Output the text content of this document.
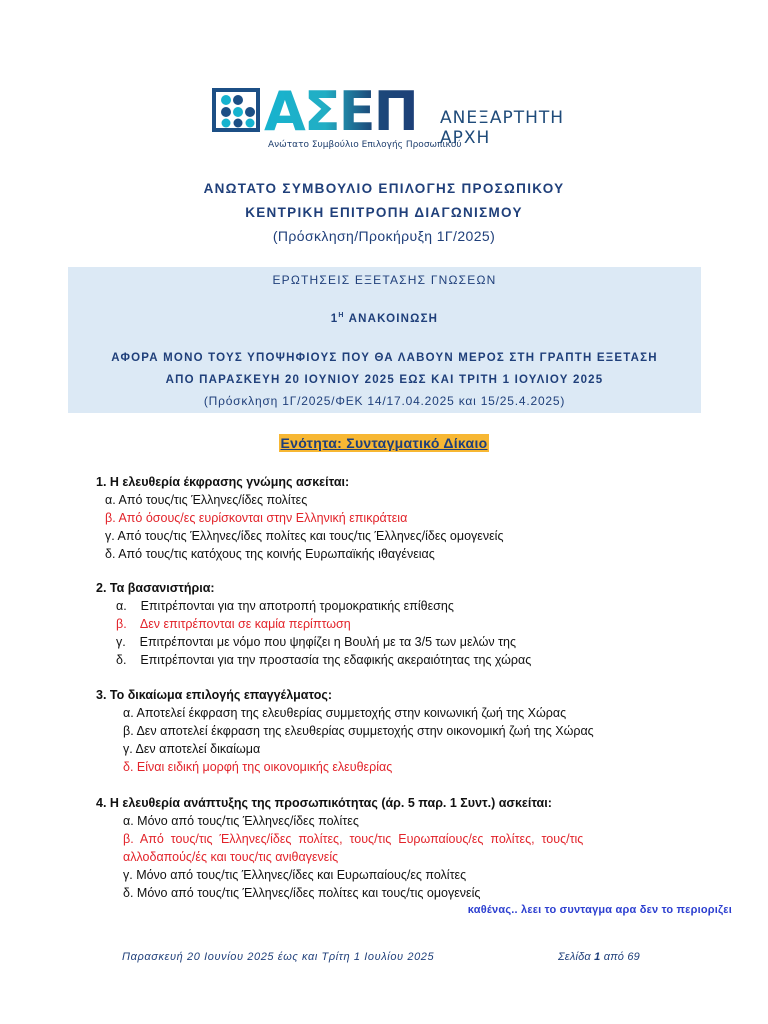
ΑΣΕΠ
Ανώτατο Συμβούλιο Επιλογής Προσωπικού
ΑΝΕΞΑΡΤΗΤΗ
ΑΡΧΗ
ΑΝΩΤΑΤΟ ΣΥΜΒΟΥΛΙΟ ΕΠΙΛΟΓΗΣ ΠΡΟΣΩΠΙΚΟΥ
ΚΕΝΤΡΙΚΗ ΕΠΙΤΡΟΠΗ ΔΙΑΓΩΝΙΣΜΟΥ
(Πρόσκληση/Προκήρυξη 1Γ/2025)
ΕΡΩΤΗΣΕΙΣ ΕΞΕΤΑΣΗΣ ΓΝΩΣΕΩΝ
$1^H$ ΑΝΑΚΟΙΝΩΣΗ
ΑΦΟΡΑ ΜΟΝΟ ΤΟΥΣ ΥΠΟΨΗΦΙΟΥΣ ΠΟΥ ΘΑ ΛΑΒΟΥΝ ΜΕΡΟΣ ΣΤΗ ΓΡΑΠΤΗ ΕΞΕΤΑΣΗ
ΑΠΟ ΠΑΡΑΣΚΕΥΗ 20 ΙΟΥΝΙΟΥ 2025 ΕΩΣ ΚΑΙ ΤΡΙΤΗ 1 ΙΟΥΛΙΟΥ 2025
(Πρόσκληση 1Γ/2025/ΦΕΚ 14/17.04.2025 και 15/25.4.2025)
Ενότητα: Συνταγματικό Δίκαιο
1. Η ελευθερία έκφρασης γνώμης ασκείται:
α. Από τους/τις Έλληνες/ίδες πολίτες
β. Από όσους/ες ευρίσκονται στην Ελληνική επικράτεια
γ. Από τους/τις Έλληνες/ίδες πολίτες και τους/τις Έλληνες/ίδες ομογενείς
δ. Από τους/τις κατόχους της κοινής Ευρωπαϊκής ιθαγένειας
2. Τα βασανιστήρια:
α.    Επιτρέπονται για την αποτροπή τρομοκρατικής επίθεσης
β.    Δεν επιτρέπονται σε καμία περίπτωση
γ.    Επιτρέπονται με νόμο που ψηφίζει η Βουλή με τα 3/5 των μελών της
δ.    Επιτρέπονται για την προστασία της εδαφικής ακεραιότητας της χώρας
3. Το δικαίωμα επιλογής επαγγέλματος:
α. Αποτελεί έκφραση της ελευθερίας συμμετοχής στην κοινωνική ζωή της Χώρας
β. Δεν αποτελεί έκφραση της ελευθερίας συμμετοχής στην οικονομική ζωή της Χώρας
γ. Δεν αποτελεί δικαίωμα
δ. Είναι ειδική μορφή της οικονομικής ελευθερίας
4. Η ελευθερία ανάπτυξης της προσωπικότητας (άρ. 5 παρ. 1 Συντ.) ασκείται:
α. Μόνο από τους/τις Έλληνες/ίδες πολίτες
β.  Από  τους/τις  Έλληνες/ίδες  πολίτες,  τους/τις  Ευρωπαίους/ες  πολίτες,  τους/τις
αλλοδαπούς/ές και τους/τις ανιθαγενείς
γ. Μόνο από τους/τις Έλληνες/ίδες και Ευρωπαίους/ες πολίτες
δ. Μόνο από τους/τις Έλληνες/ίδες πολίτες και τους/τις ομογενείς
καθένας.. λεει το συνταγμα αρα δεν το περιοριζει
Παρασκευή 20 Ιουνίου 2025 έως και Τρίτη 1 Ιουλίου 2025	Σελίδα 1 από 69
